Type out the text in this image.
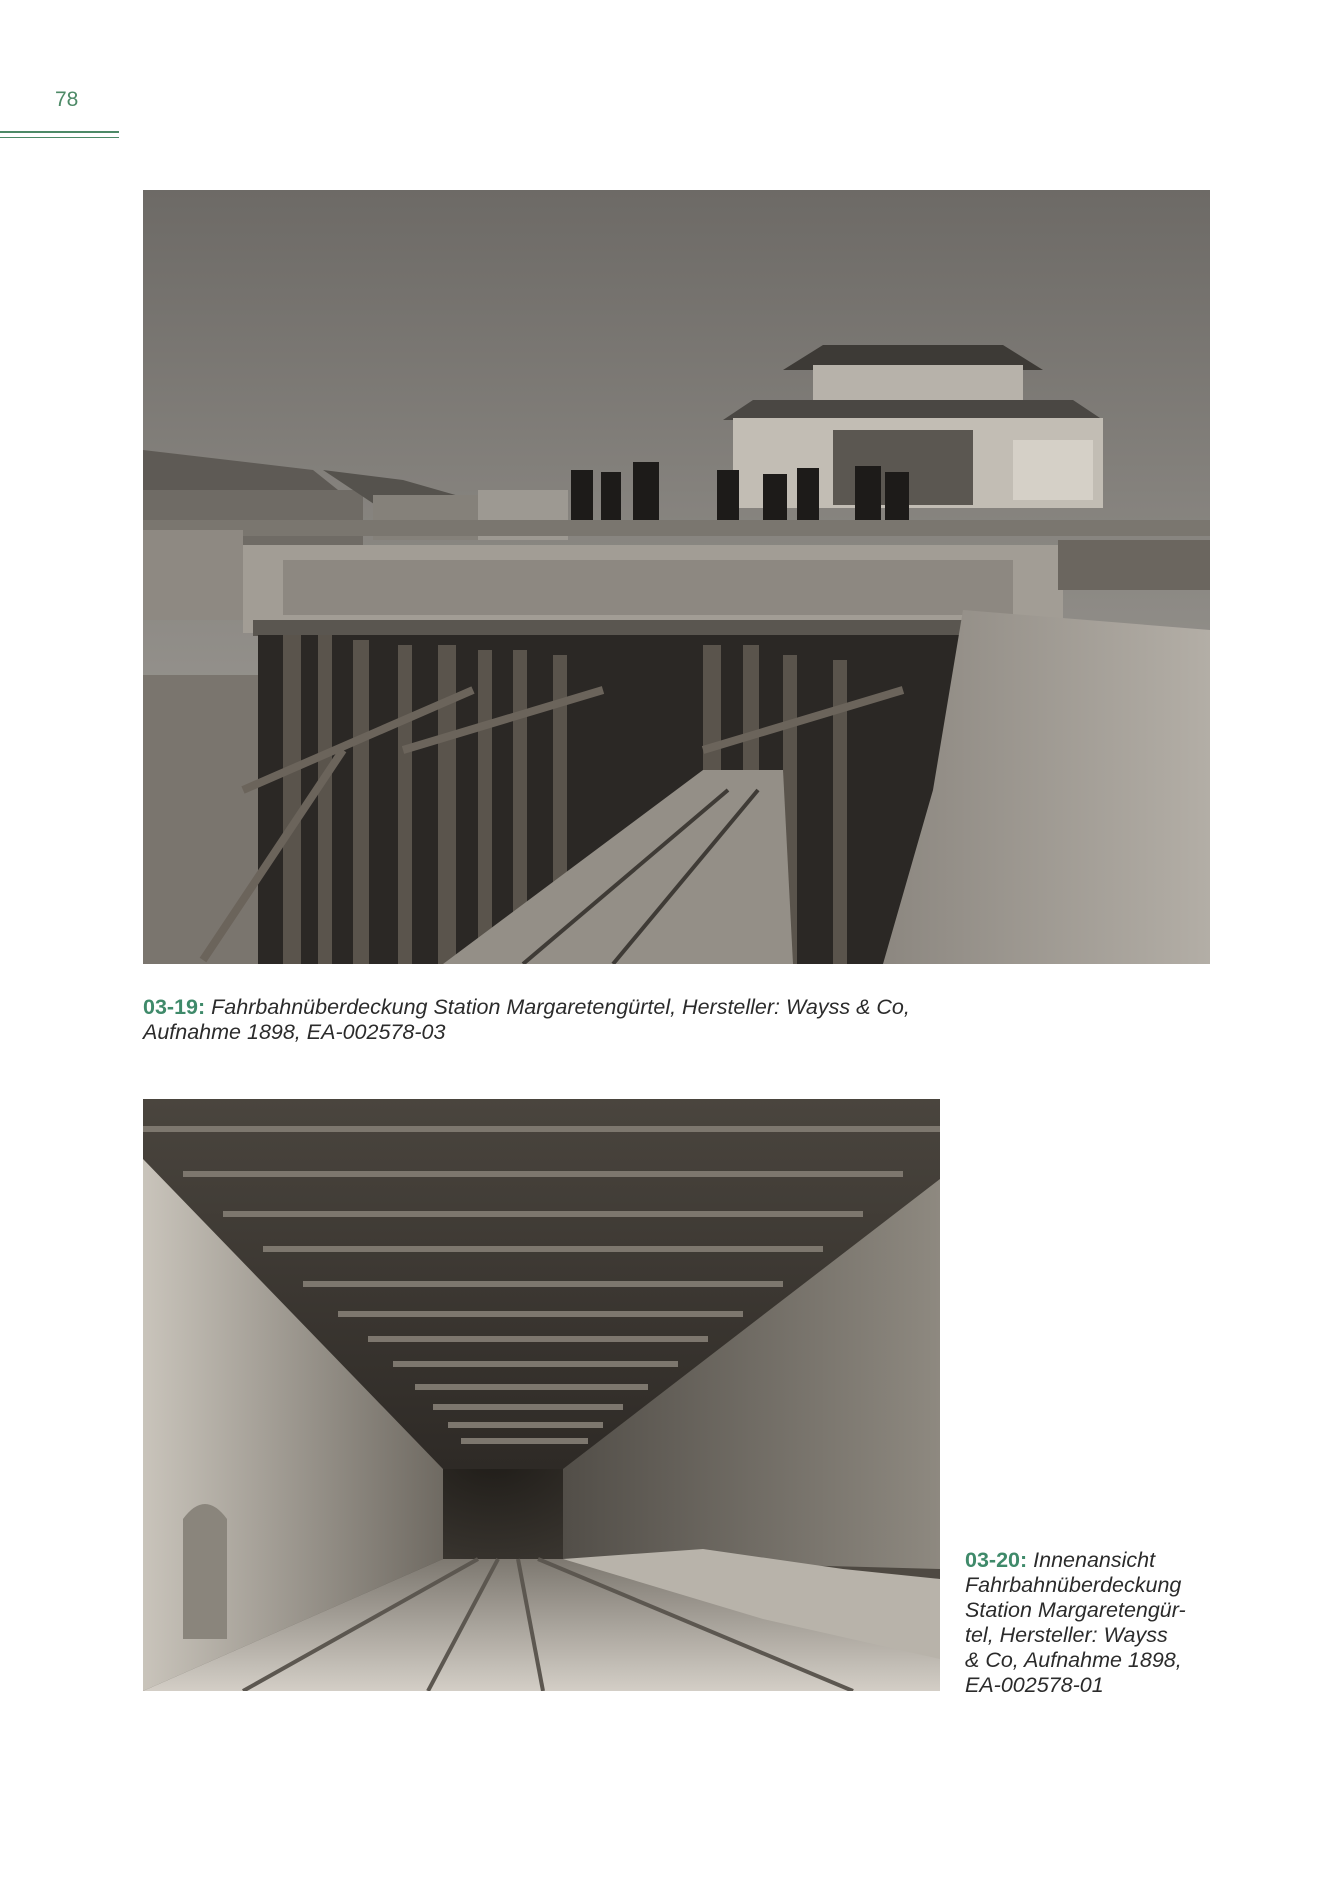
78
03-19: Fahrbahnüberdeckung Station Margaretengürtel, Hersteller: Wayss & Co,
Aufnahme 1898, EA-002578-03
03-20: Innenansicht
Fahrbahnüberdeckung
Station Margaretengür-
tel, Hersteller: Wayss
& Co, Aufnahme 1898,
EA-002578-01
